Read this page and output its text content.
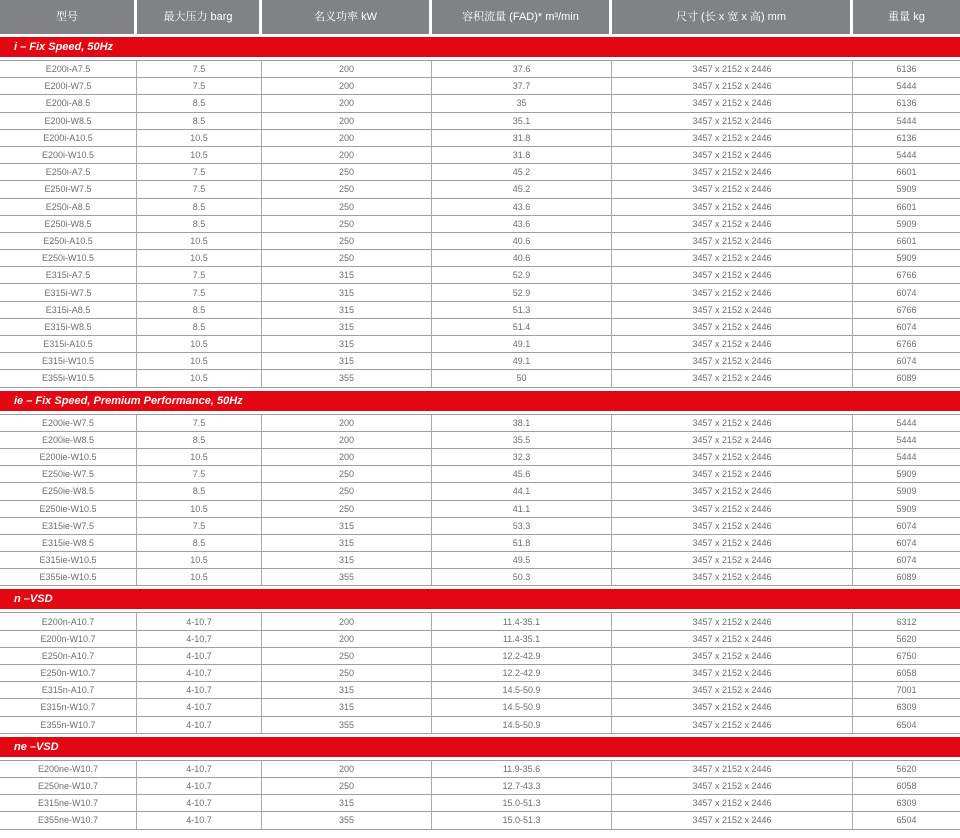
型号	最大压力 barg	名义功率 kW	容积流量 (FAD)* m³/min	尺寸 (长 x 宽 x 高) mm	重量 kg
i – Fix Speed, 50Hz
E200i-A7.5	7.5	200	37.6	3457 x 2152 x 2446	6136
E200i-W7.5	7.5	200	37.7	3457 x 2152 x 2446	5444
E200i-A8.5	8.5	200	35	3457 x 2152 x 2446	6136
E200i-W8.5	8.5	200	35.1	3457 x 2152 x 2446	5444
E200i-A10.5	10.5	200	31.8	3457 x 2152 x 2446	6136
E200i-W10.5	10.5	200	31.8	3457 x 2152 x 2446	5444
E250i-A7.5	7.5	250	45.2	3457 x 2152 x 2446	6601
E250i-W7.5	7.5	250	45.2	3457 x 2152 x 2446	5909
E250i-A8.5	8.5	250	43.6	3457 x 2152 x 2446	6601
E250i-W8.5	8.5	250	43.6	3457 x 2152 x 2446	5909
E250i-A10.5	10.5	250	40.6	3457 x 2152 x 2446	6601
E250i-W10.5	10.5	250	40.6	3457 x 2152 x 2446	5909
E315i-A7.5	7.5	315	52.9	3457 x 2152 x 2446	6766
E315i-W7.5	7.5	315	52.9	3457 x 2152 x 2446	6074
E315i-A8.5	8.5	315	51.3	3457 x 2152 x 2446	6766
E315i-W8.5	8.5	315	51.4	3457 x 2152 x 2446	6074
E315i-A10.5	10.5	315	49.1	3457 x 2152 x 2446	6766
E315i-W10.5	10.5	315	49.1	3457 x 2152 x 2446	6074
E355i-W10.5	10.5	355	50	3457 x 2152 x 2446	6089
ie – Fix Speed, Premium Performance, 50Hz
E200ie-W7.5	7.5	200	38.1	3457 x 2152 x 2446	5444
E200ie-W8.5	8.5	200	35.5	3457 x 2152 x 2446	5444
E200ie-W10.5	10.5	200	32.3	3457 x 2152 x 2446	5444
E250ie-W7.5	7.5	250	45.6	3457 x 2152 x 2446	5909
E250ie-W8.5	8.5	250	44.1	3457 x 2152 x 2446	5909
E250ie-W10.5	10.5	250	41.1	3457 x 2152 x 2446	5909
E315ie-W7.5	7.5	315	53.3	3457 x 2152 x 2446	6074
E315ie-W8.5	8.5	315	51.8	3457 x 2152 x 2446	6074
E315ie-W10.5	10.5	315	49.5	3457 x 2152 x 2446	6074
E355ie-W10.5	10.5	355	50.3	3457 x 2152 x 2446	6089
n –VSD
E200n-A10.7	4-10.7	200	11.4-35.1	3457 x 2152 x 2446	6312
E200n-W10.7	4-10.7	200	11.4-35.1	3457 x 2152 x 2446	5620
E250n-A10.7	4-10.7	250	12.2-42.9	3457 x 2152 x 2446	6750
E250n-W10.7	4-10.7	250	12.2-42.9	3457 x 2152 x 2446	6058
E315n-A10.7	4-10.7	315	14.5-50.9	3457 x 2152 x 2446	7001
E315n-W10.7	4-10.7	315	14.5-50.9	3457 x 2152 x 2446	6309
E355n-W10.7	4-10.7	355	14.5-50.9	3457 x 2152 x 2446	6504
ne –VSD
E200ne-W10.7	4-10.7	200	11.9-35.6	3457 x 2152 x 2446	5620
E250ne-W10.7	4-10.7	250	12.7-43.3	3457 x 2152 x 2446	6058
E315ne-W10.7	4-10.7	315	15.0-51.3	3457 x 2152 x 2446	6309
E355ne-W10.7	4-10.7	355	15.0-51.3	3457 x 2152 x 2446	6504
